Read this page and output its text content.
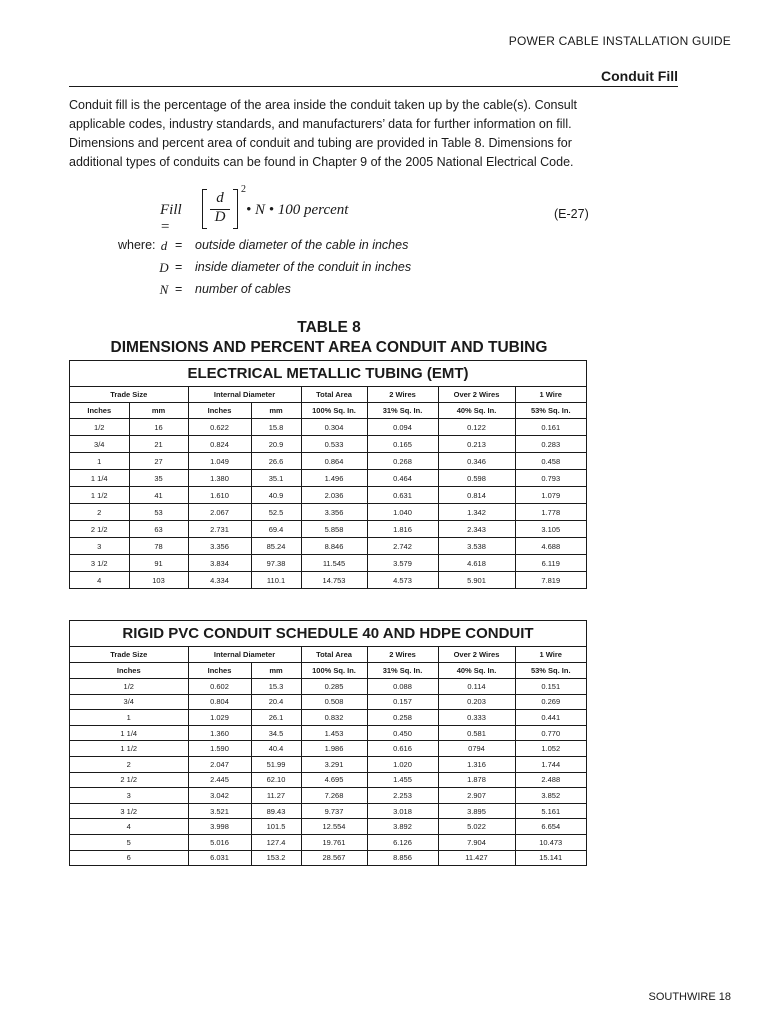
POWER CABLE INSTALLATION GUIDE
Conduit Fill

Conduit fill is the percentage of the area inside the conduit taken up by the cable(s). Consult applicable codes, industry standards, and manufacturers’ data for further information on fill. Dimensions and percent area of conduit and tubing are provided in Table 8. Dimensions for additional types of conduits can be found in Chapter 9 of the 2005 National Electrical Code.

Fill =
d
D
2
• N • 100 percent	(E-27)
where: d = outside diameter of the cable in inches
D = inside diameter of the conduit in inches
N = number of cables
TABLE 8
DIMENSIONS AND PERCENT AREA CONDUIT AND TUBING
ELECTRICAL METALLIC TUBING (EMT)
Trade Size		Internal Diameter		Total Area	2 Wires	Over 2 Wires	1 Wire
Inches	mm	Inches	mm	100% Sq. In.	31% Sq. In.	40% Sq. In.	53% Sq. In.
1/2	16	0.622	15.8	0.304	0.094	0.122	0.161
3/4	21	0.824	20.9	0.533	0.165	0.213	0.283
1	27	1.049	26.6	0.864	0.268	0.346	0.458
1 1/4	35	1.380	35.1	1.496	0.464	0.598	0.793
1 1/2	41	1.610	40.9	2.036	0.631	0.814	1.079
2	53	2.067	52.5	3.356	1.040	1.342	1.778
2 1/2	63	2.731	69.4	5.858	1.816	2.343	3.105
3	78	3.356	85.24	8.846	2.742	3.538	4.688
3 1/2	91	3.834	97.38	11.545	3.579	4.618	6.119
4	103	4.334	110.1	14.753	4.573	5.901	7.819
RIGID PVC CONDUIT SCHEDULE 40 AND HDPE CONDUIT
Trade Size	Internal Diameter		Total Area	2 Wires	Over 2 Wires	1 Wire
Inches	Inches	mm	100% Sq. In.	31% Sq. In.	40% Sq. In.	53% Sq. In.
1/2	0.602	15.3	0.285	0.088	0.114	0.151
3/4	0.804	20.4	0.508	0.157	0.203	0.269
1	1.029	26.1	0.832	0.258	0.333	0.441
1 1/4	1.360	34.5	1.453	0.450	0.581	0.770
1 1/2	1.590	40.4	1.986	0.616	0794	1.052
2	2.047	51.99	3.291	1.020	1.316	1.744
2 1/2	2.445	62.10	4.695	1.455	1.878	2.488
3	3.042	11.27	7.268	2.253	2.907	3.852
3 1/2	3.521	89.43	9.737	3.018	3.895	5.161
4	3.998	101.5	12.554	3.892	5.022	6.654
5	5.016	127.4	19.761	6.126	7.904	10.473
6	6.031	153.2	28.567	8.856	11.427	15.141
SOUTHWIRE 18
